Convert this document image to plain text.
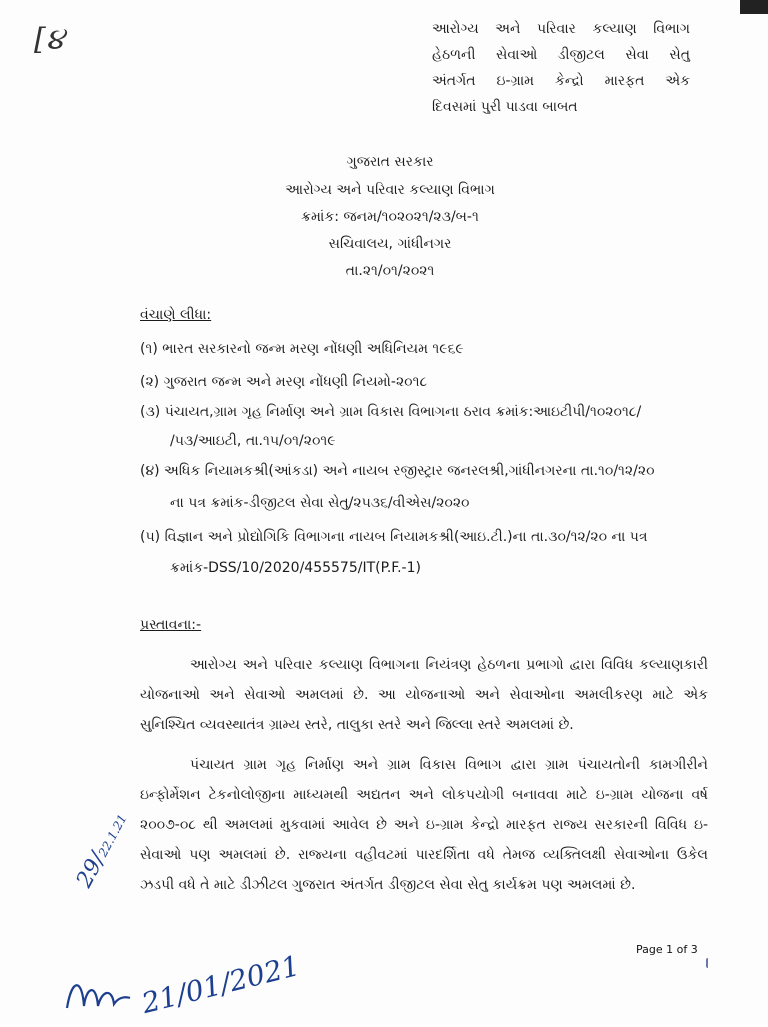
[૪	આરોગ્ય અને પરિવાર કલ્યાણ વિભાગ
હેઠળની સેવાઓ ડીજીટલ સેવા સેતુ
અંતર્ગત ઇ-ગ્રામ કેન્દ્રો મારફત એક
દિવસમાં પુરી પાડવા બાબત
ગુજરાત સરકાર
આરોગ્ય અને પરિવાર કલ્યાણ વિભાગ
ક્રમાંક: જનમ/૧૦૨૦૨૧/૨૩/બ-૧
સચિવાલય, ગાંધીનગર
તા.૨૧/૦૧/૨૦૨૧
વંચાણે લીધા:
(૧) ભારત સરકારનો જન્મ મરણ નોંધણી અધિનિયમ ૧૯૬૯
(૨) ગુજરાત જન્મ અને મરણ નોંધણી નિયમો-૨૦૧૮
(૩) પંચાયત,ગ્રામ ગૃહ નિર્માણ અને ગ્રામ વિકાસ વિભાગના ઠરાવ ક્રમાંક:આઇટીપી/૧૦૨૦૧૮/
/૫૩/આઇટી, તા.૧૫/૦૧/૨૦૧૯
(૪) અધિક નિયામકશ્રી(આંકડા) અને નાયબ રજીસ્ટ્રાર જનરલશ્રી,ગાંધીનગરના તા.૧૦/૧૨/૨૦
ના પત્ર ક્રમાંક-ડીજીટલ સેવા સેતુ/૨૫૩૬/વીએસ/૨૦૨૦
(૫) વિજ્ઞાન અને પ્રોદ્યોગિકિ વિભાગના નાયબ નિયામકશ્રી(આઇ.ટી.)ના તા.૩૦/૧૨/૨૦ ના પત્ર
ક્રમાંક-DSS/10/2020/455575/IT(P.F.-1)
પ્રસ્તાવના:-
આરોગ્ય અને પરિવાર કલ્યાણ વિભાગના નિયંત્રણ હેઠળના પ્રભાગો દ્વારા વિવિધ કલ્યાણકારી યોજનાઓ અને સેવાઓ અમલમાં છે. આ યોજનાઓ અને સેવાઓના અમલીકરણ માટે એક સુનિશ્ચિત વ્યવસ્થાતંત્ર ગ્રામ્ય સ્તરે, તાલુકા સ્તરે અને જિલ્લા સ્તરે અમલમાં છે.
પંચાયત ગ્રામ ગૃહ નિર્માણ અને ગ્રામ વિકાસ વિભાગ દ્વારા ગ્રામ પંચાયતોની કામગીરીને ઇન્ફોર્મેશન ટેકનોલોજીના માધ્યમથી અદ્યતન અને લોકપયોગી બનાવવા માટે ઇ-ગ્રામ યોજના વર્ષ ૨૦૦૭-૦૮ થી અમલમાં મુકવામાં આવેલ છે અને ઇ-ગ્રામ કેન્દ્રો મારફત રાજ્ય સરકારની વિવિધ ઇ-સેવાઓ પણ અમલમાં છે. રાજ્યના વહીવટમાં પારદર્શિતા વધે તેમજ વ્યક્તિલક્ષી સેવાઓના ઉકેલ ઝડપી વધે તે માટે ડીઝીટલ ગુજરાત અંતર્ગત ડીજીટલ સેવા સેતુ કાર્યક્રમ પણ અમલમાં છે.
Page 1 of 3
29/22.1.21
21/01/2021
